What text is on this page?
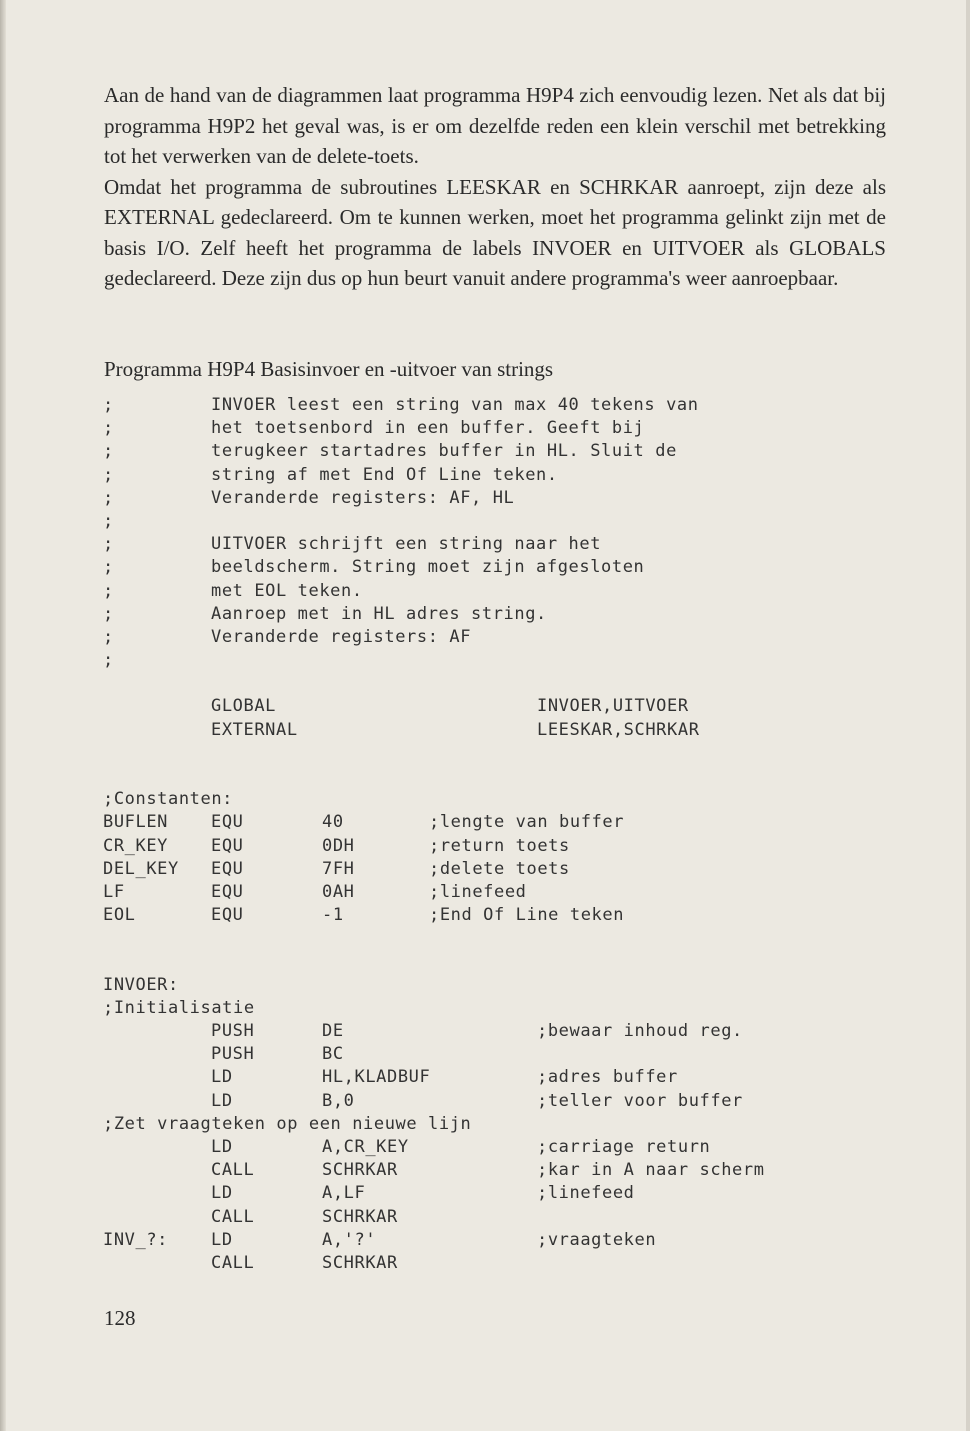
Aan de hand van de diagrammen laat programma H9P4 zich eenvoudig lezen. Net als dat bij programma H9P2 het geval was, is er om dezelfde reden een klein verschil met betrekking tot het verwerken van de delete-toets.

Omdat het programma de subroutines LEESKAR en SCHRKAR aanroept, zijn deze als EXTERNAL gedeclareerd. Om te kunnen werken, moet het programma gelinkt zijn met de basis I/O. Zelf heeft het programma de labels INVOER en UITVOER als GLOBALS gedeclareerd. Deze zijn dus op hun beurt vanuit andere programma's weer aanroepbaar.

Programma H9P4 Basisinvoer en -uitvoer van strings
;	INVOER leest een string van max 40 tekens van
;	het toetsenbord in een buffer. Geeft bij
;	terugkeer startadres buffer in HL. Sluit de
;	string af met End Of Line teken.
;	Veranderde registers: AF, HL
;
;	UITVOER schrijft een string naar het
;	beeldscherm. String moet zijn afgesloten
;	met EOL teken.
;	Aanroep met in HL adres string.
;	Veranderde registers: AF
;
GLOBAL	INVOER,UITVOER
EXTERNAL	LEESKAR,SCHRKAR
;Constanten:
BUFLEN	EQU	40	;lengte van buffer
CR_KEY	EQU	0DH	;return toets
DEL_KEY EQU	7FH	;delete toets
LF	EQU	0AH	;linefeed
EOL	EQU	-1	;End Of Line teken
INVOER:
;Initialisatie
PUSH	DE	;bewaar inhoud reg.
PUSH	BC
LD	HL,KLADBUF	;adres buffer
LD	B,0	;teller voor buffer
;Zet vraagteken op een nieuwe lijn
LD	A,CR_KEY	;carriage return
CALL	SCHRKAR	;kar in A naar scherm
LD	A,LF	;linefeed
CALL	SCHRKAR
INV_?:	LD	A,'?'	;vraagteken
CALL	SCHRKAR
128
